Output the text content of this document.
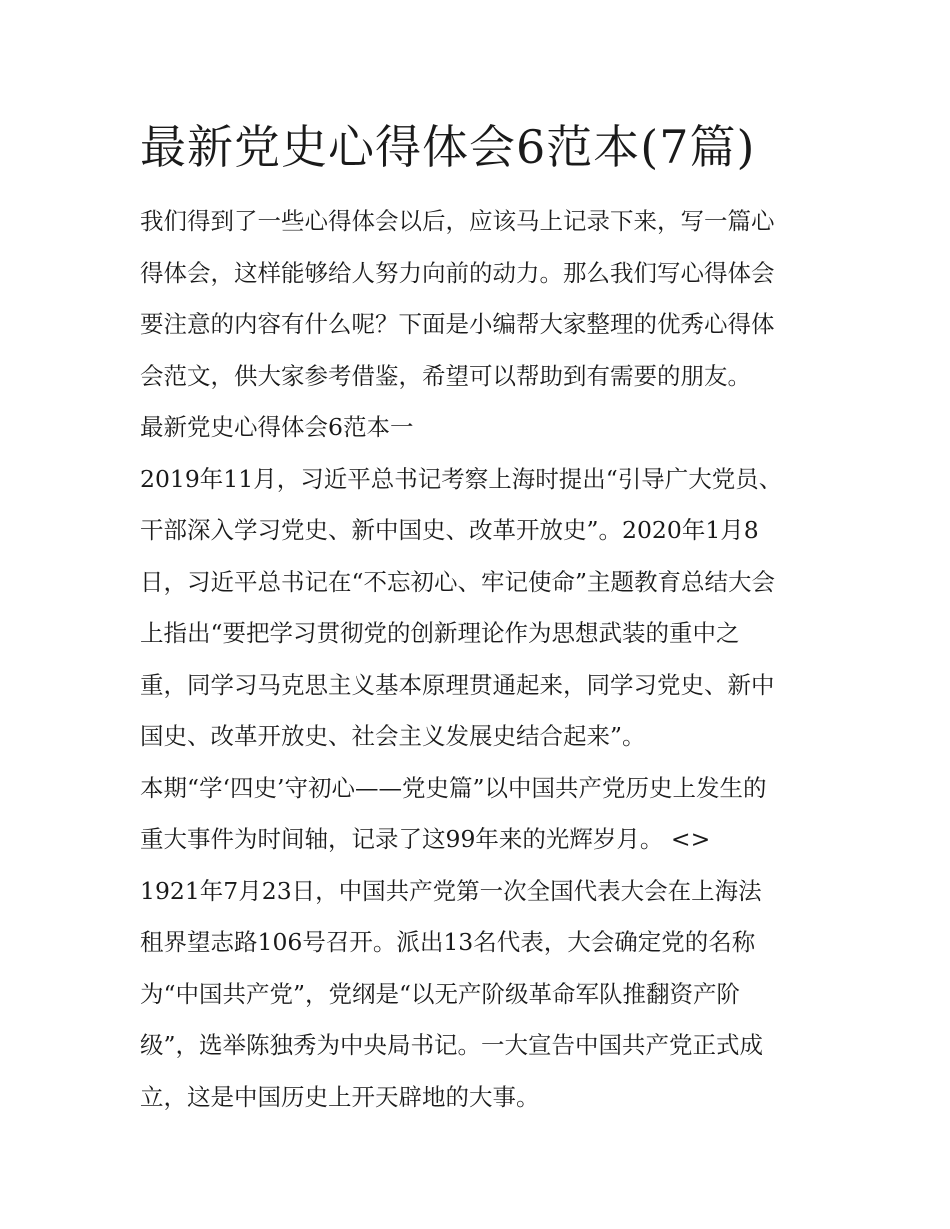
最新党史心得体会6范本(7篇)

我们得到了一些心得体会以后，应该马上记录下来，写一篇心

得体会，这样能够给人努力向前的动力。那么我们写心得体会

要注意的内容有什么呢？下面是小编帮大家整理的优秀心得体

会范文，供大家参考借鉴，希望可以帮助到有需要的朋友。

最新党史心得体会6范本一

2019年11月，习近平总书记考察上海时提出“引导广大党员、

干部深入学习党史、新中国史、改革开放史”。2020年1月8

日，习近平总书记在“不忘初心、牢记使命”主题教育总结大会

上指出“要把学习贯彻党的创新理论作为思想武装的重中之

重，同学习马克思主义基本原理贯通起来，同学习党史、新中

国史、改革开放史、社会主义发展史结合起来”。

本期“学‘四史’守初心——党史篇”以中国共产党历史上发生的

重大事件为时间轴，记录了这99年来的光辉岁月。 <>

1921年7月23日，中国共产党第一次全国代表大会在上海法

租界望志路106号召开。派出13名代表，大会确定党的名称

为“中国共产党”，党纲是“以无产阶级革命军队推翻资产阶

级”，选举陈独秀为中央局书记。一大宣告中国共产党正式成

立，这是中国历史上开天辟地的大事。
